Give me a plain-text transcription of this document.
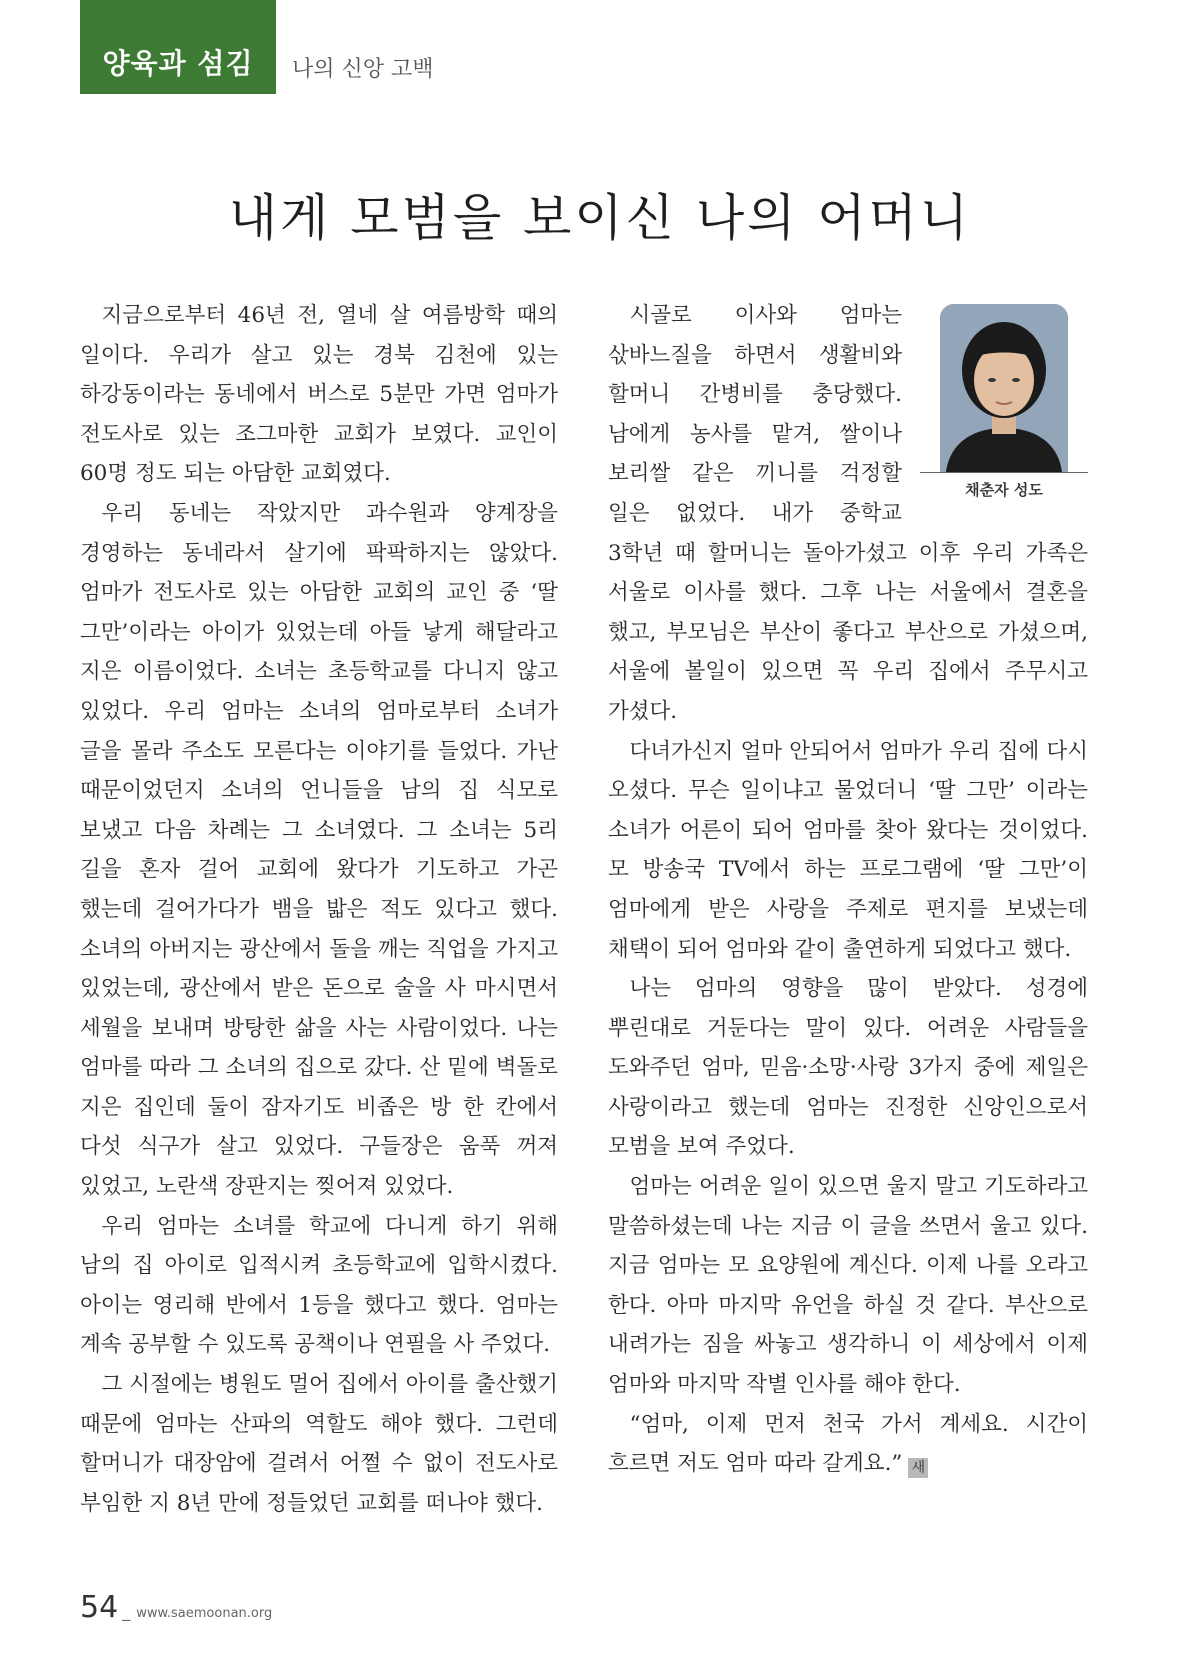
양육과 섬김 나의 신앙 고백
내게 모범을 보이신 나의 어머니

지금으로부터 46년 전, 열네 살 여름방학 때의 일이다. 우리가 살고 있는 경북 김천에 있는 하강동이라는 동네에서 버스로 5분만 가면 엄마가 전도사로 있는 조그마한 교회가 보였다. 교인이 60명 정도 되는 아담한 교회였다.

우리 동네는 작았지만 과수원과 양계장을 경영하는 동네라서 살기에 팍팍하지는 않았다. 엄마가 전도사로 있는 아담한 교회의 교인 중 ‘딸 그만’이라는 아이가 있었는데 아들 낳게 해달라고 지은 이름이었다. 소녀는 초등학교를 다니지 않고 있었다. 우리 엄마는 소녀의 엄마로부터 소녀가 글을 몰라 주소도 모른다는 이야기를 들었다. 가난 때문이었던지 소녀의 언니들을 남의 집 식모로 보냈고 다음 차례는 그 소녀였다. 그 소녀는 5리 길을 혼자 걸어 교회에 왔다가 기도하고 가곤 했는데 걸어가다가 뱀을 밟은 적도 있다고 했다. 소녀의 아버지는 광산에서 돌을 깨는 직업을 가지고 있었는데, 광산에서 받은 돈으로 술을 사 마시면서 세월을 보내며 방탕한 삶을 사는 사람이었다. 나는 엄마를 따라 그 소녀의 집으로 갔다. 산 밑에 벽돌로 지은 집인데 둘이 잠자기도 비좁은 방 한 칸에서 다섯 식구가 살고 있었다. 구들장은 움푹 꺼져 있었고, 노란색 장판지는 찢어져 있었다.

우리 엄마는 소녀를 학교에 다니게 하기 위해 남의 집 아이로 입적시켜 초등학교에 입학시켰다. 아이는 영리해 반에서 1등을 했다고 했다. 엄마는 계속 공부할 수 있도록 공책이나 연필을 사 주었다.

그 시절에는 병원도 멀어 집에서 아이를 출산했기 때문에 엄마는 산파의 역할도 해야 했다. 그런데 할머니가 대장암에 걸려서 어쩔 수 없이 전도사로 부임한 지 8년 만에 정들었던 교회를 떠나야 했다.

채춘자 성도

시골로 이사와 엄마는 삯바느질을 하면서 생활비와 할머니 간병비를 충당했다. 남에게 농사를 맡겨, 쌀이나 보리쌀 같은 끼니를 걱정할 일은 없었다. 내가 중학교 3학년 때 할머니는 돌아가셨고 이후 우리 가족은 서울로 이사를 했다. 그후 나는 서울에서 결혼을 했고, 부모님은 부산이 좋다고 부산으로 가셨으며, 서울에 볼일이 있으면 꼭 우리 집에서 주무시고 가셨다.

다녀가신지 얼마 안되어서 엄마가 우리 집에 다시 오셨다. 무슨 일이냐고 물었더니 ‘딸 그만’ 이라는 소녀가 어른이 되어 엄마를 찾아 왔다는 것이었다. 모 방송국 TV에서 하는 프로그램에 ‘딸 그만’이 엄마에게 받은 사랑을 주제로 편지를 보냈는데 채택이 되어 엄마와 같이 출연하게 되었다고 했다.

나는 엄마의 영향을 많이 받았다. 성경에 뿌린대로 거둔다는 말이 있다. 어려운 사람들을 도와주던 엄마, 믿음·소망·사랑 3가지 중에 제일은 사랑이라고 했는데 엄마는 진정한 신앙인으로서 모범을 보여 주었다.

엄마는 어려운 일이 있으면 울지 말고 기도하라고 말씀하셨는데 나는 지금 이 글을 쓰면서 울고 있다. 지금 엄마는 모 요양원에 계신다. 이제 나를 오라고 한다. 아마 마지막 유언을 하실 것 같다. 부산으로 내려가는 짐을 싸놓고 생각하니 이 세상에서 이제 엄마와 마지막 작별 인사를 해야 한다.

“엄마, 이제 먼저 천국 가서 계세요. 시간이 흐르면 저도 엄마 따라 갈게요.” 새

54 _ www.saemoonan.org
